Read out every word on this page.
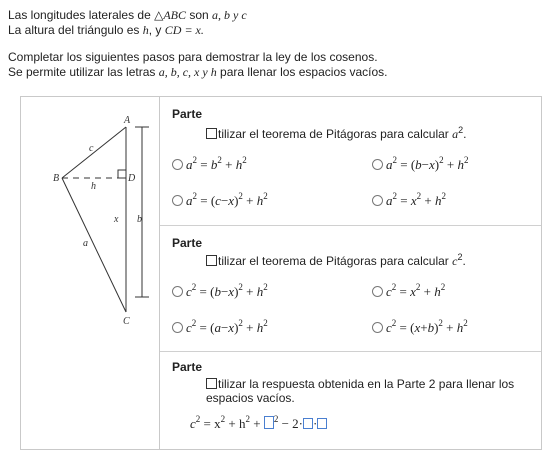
Las longitudes laterales de △ABC son a, b y c

La altura del triángulo es h, y CD = x.

Completar los siguientes pasos para demostrar la ley de los cosenos.

Se permite utilizar las letras a, b, c, x y h para llenar los espacios vacíos.

A
B
C
D
c
h
x b
a
Parte
tilizar el teorema de Pitágoras para calcular $a^2$.
$a^2 = b^2 + h^2$	$a^2 = (b-x)^2 + h^2$
$a^2 = (c-x)^2 + h^2$	$a^2 = x^2 + h^2$
Parte
tilizar el teorema de Pitágoras para calcular $c^2$.
$c^2 = (b-x)^2 + h^2$	$c^2 = x^2 + h^2$
$c^2 = (a-x)^2 + h^2$	$c^2 = (x+b)^2 + h^2$
Parte
tilizar la respuesta obtenida en la Parte 2 para llenar los
espacios vacíos.
$c^2 = x^2 + h^2 + ^2 - 2\cdot$ ·
